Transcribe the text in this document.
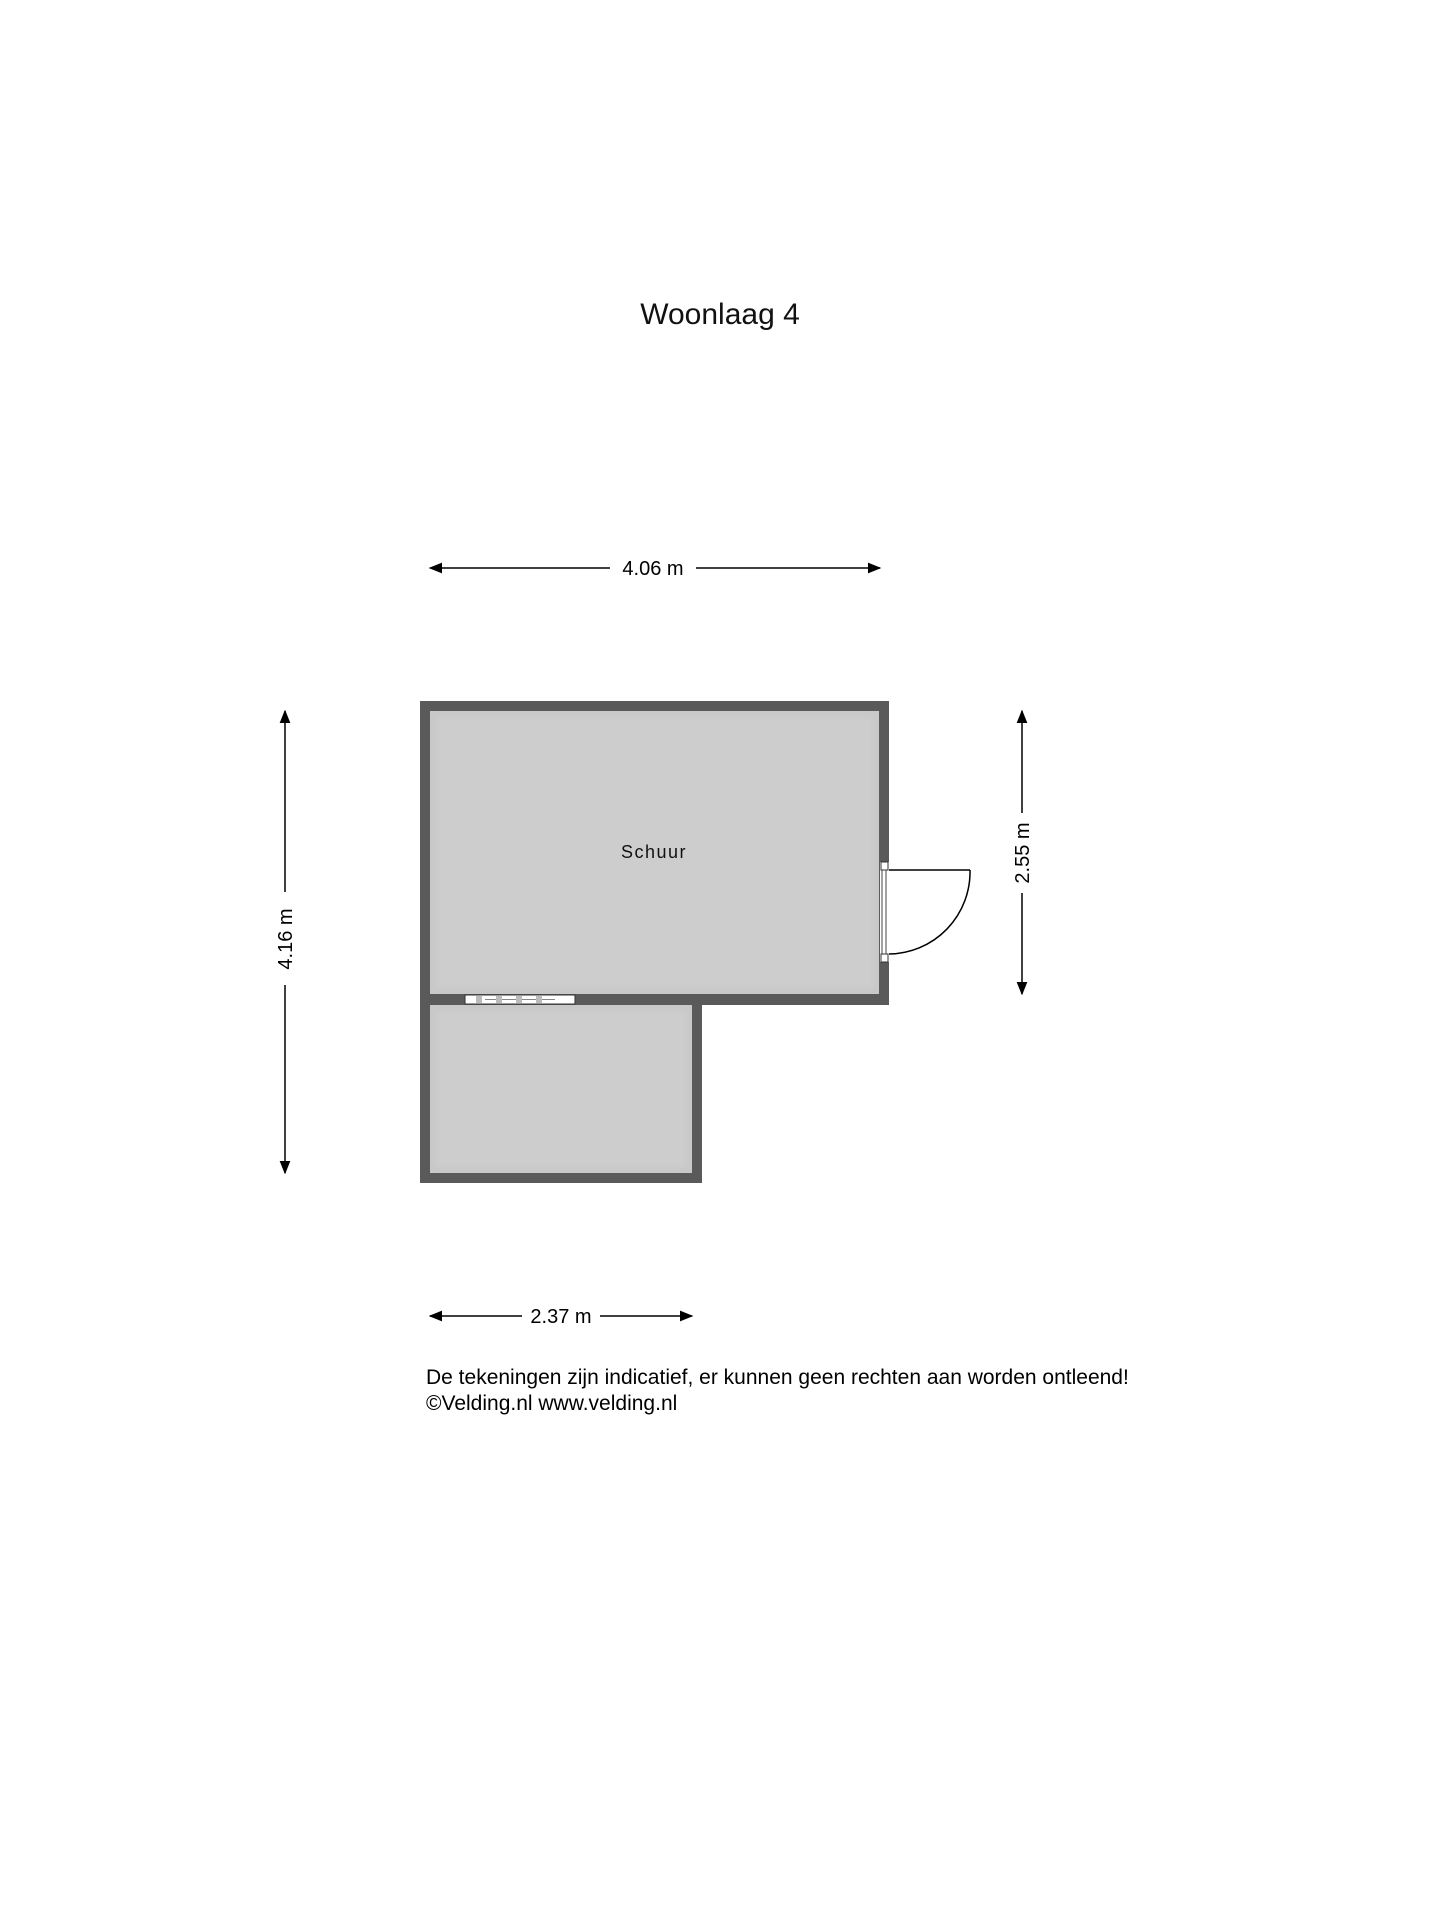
Woonlaag 4
Schuur
4.06 m
4.16 m
2.55 m
2.37 m
De tekeningen zijn indicatief, er kunnen geen rechten aan worden ontleend!
©Velding.nl www.velding.nl
